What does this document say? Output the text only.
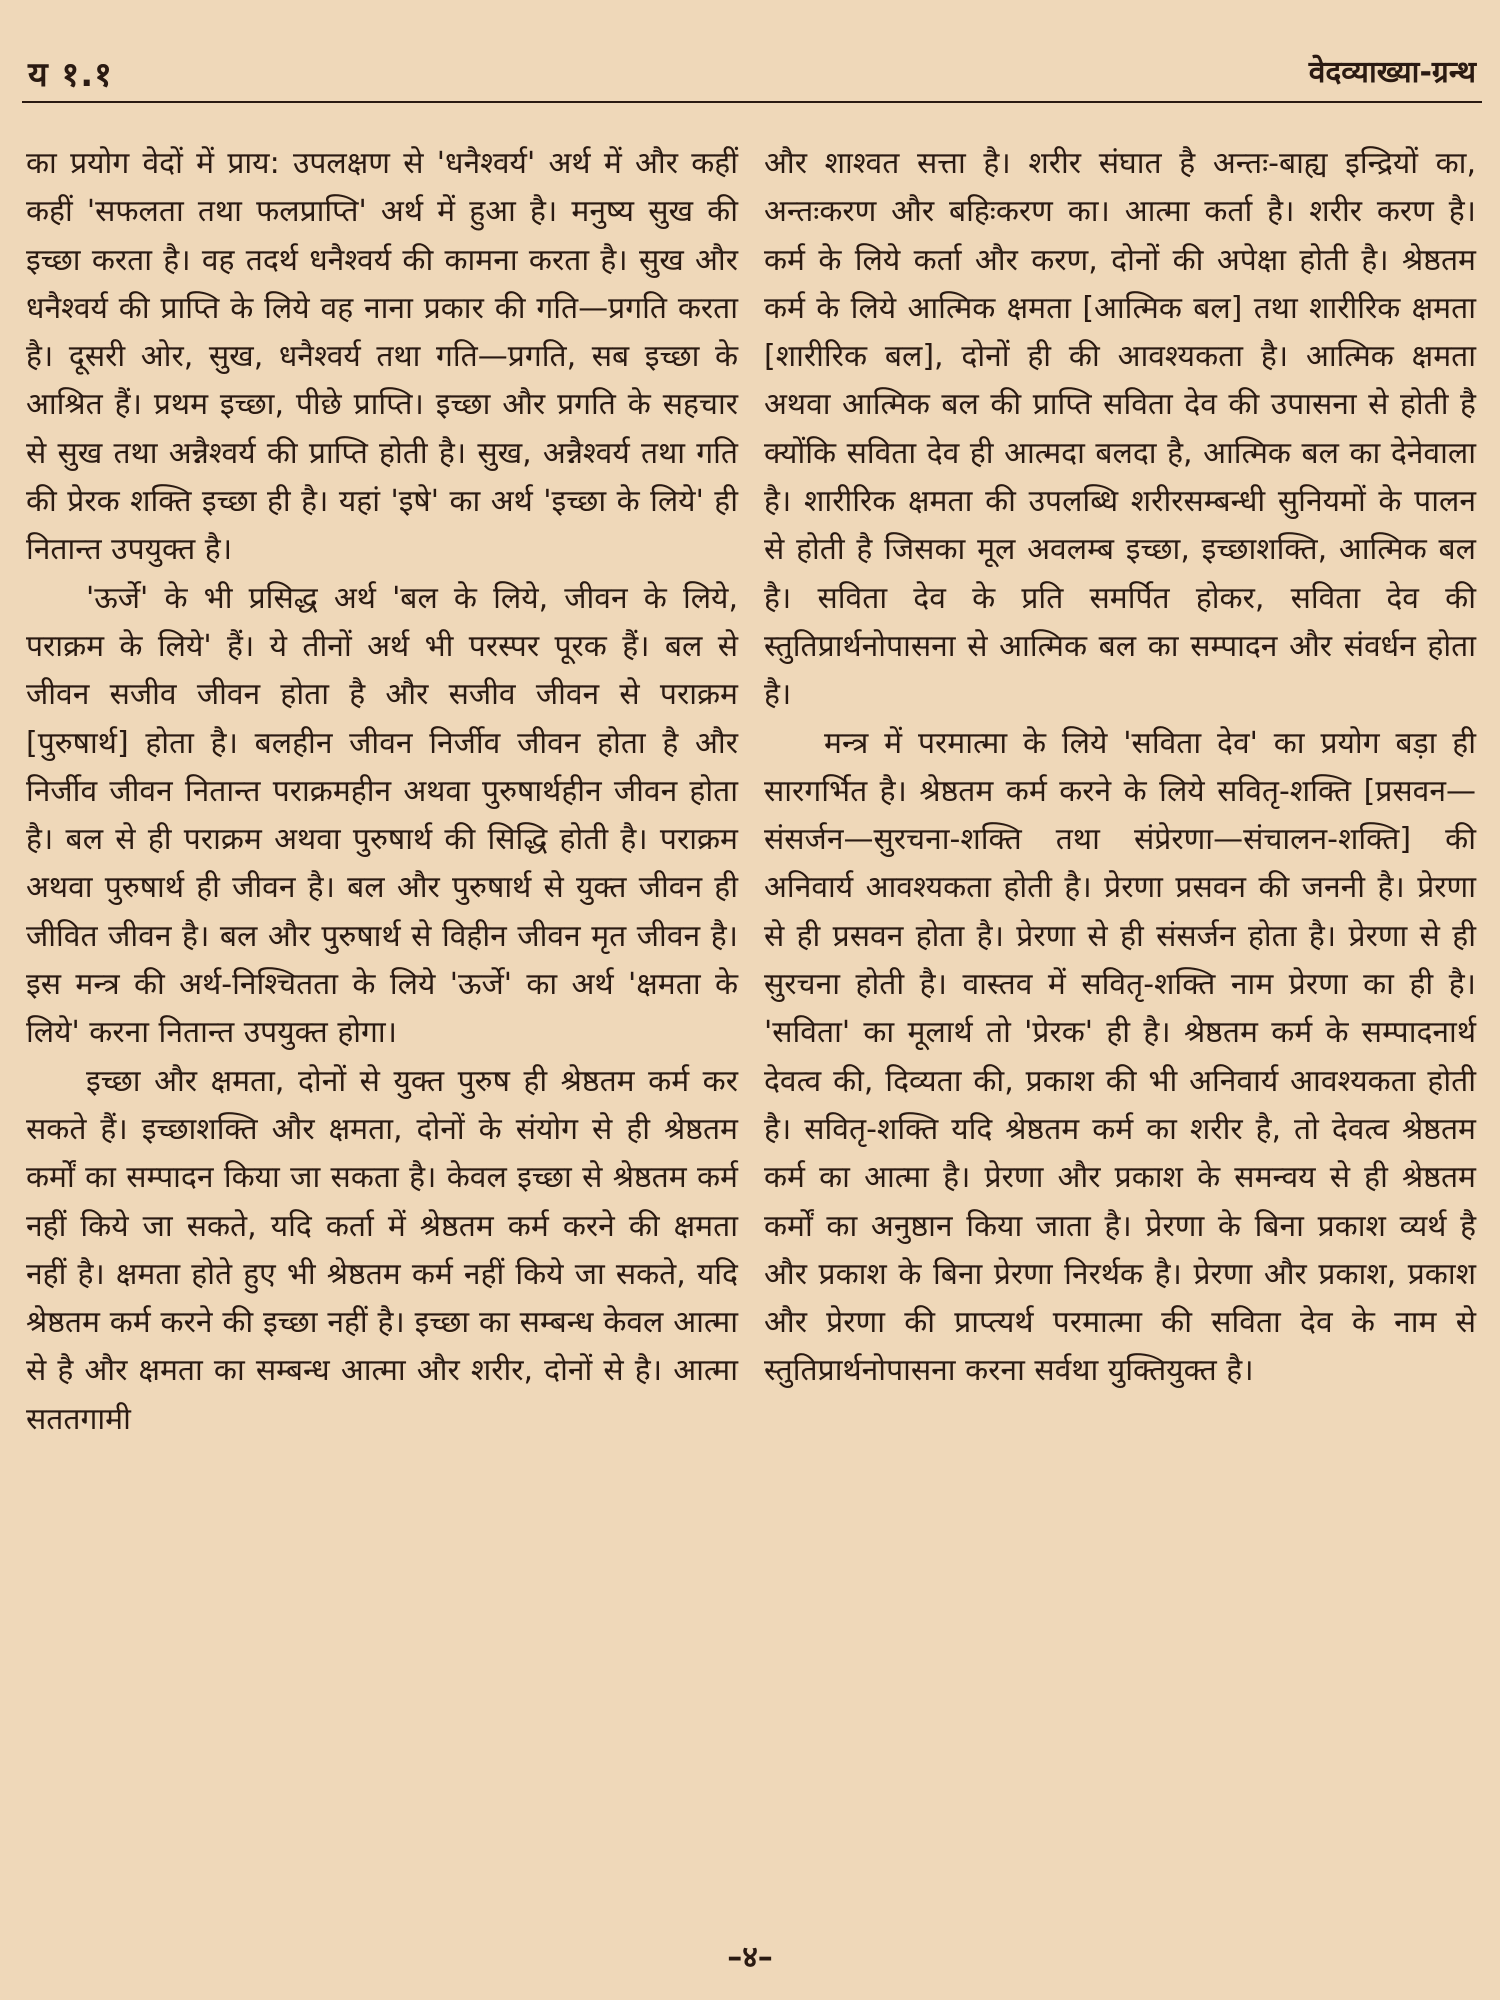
य १.१	वेदव्याख्या-ग्रन्थ

का प्रयोग वेदों में प्राय: उपलक्षण से 'धनैश्वर्य' अर्थ में और कहीं कहीं 'सफलता तथा फलप्राप्ति' अर्थ में हुआ है। मनुष्य सुख की इच्छा करता है। वह तदर्थ धनैश्वर्य की कामना करता है। सुख और धनैश्वर्य की प्राप्ति के लिये वह नाना प्रकार की गति—प्रगति करता है। दूसरी ओर, सुख, धनैश्वर्य तथा गति—प्रगति, सब इच्छा के आश्रित हैं। प्रथम इच्छा, पीछे प्राप्ति। इच्छा और प्रगति के सहचार से सुख तथा अन्नैश्वर्य की प्राप्ति होती है। सुख, अन्नैश्वर्य तथा गति की प्रेरक शक्ति इच्छा ही है। यहां 'इषे' का अर्थ 'इच्छा के लिये' ही नितान्त उपयुक्त है।

'ऊर्जे' के भी प्रसिद्ध अर्थ 'बल के लिये, जीवन के लिये, पराक्रम के लिये' हैं। ये तीनों अर्थ भी परस्पर पूरक हैं। बल से जीवन सजीव जीवन होता है और सजीव जीवन से पराक्रम [पुरुषार्थ] होता है। बलहीन जीवन निर्जीव जीवन होता है और निर्जीव जीवन नितान्त पराक्रमहीन अथवा पुरुषार्थहीन जीवन होता है। बल से ही पराक्रम अथवा पुरुषार्थ की सिद्धि होती है। पराक्रम अथवा पुरुषार्थ ही जीवन है। बल और पुरुषार्थ से युक्त जीवन ही जीवित जीवन है। बल और पुरुषार्थ से विहीन जीवन मृत जीवन है। इस मन्त्र की अर्थ-निश्चितता के लिये 'ऊर्जे' का अर्थ 'क्षमता के लिये' करना नितान्त उपयुक्त होगा।

इच्छा और क्षमता, दोनों से युक्त पुरुष ही श्रेष्ठतम कर्म कर सकते हैं। इच्छाशक्ति और क्षमता, दोनों के संयोग से ही श्रेष्ठतम कर्मों का सम्पादन किया जा सकता है। केवल इच्छा से श्रेष्ठतम कर्म नहीं किये जा सकते, यदि कर्ता में श्रेष्ठतम कर्म करने की क्षमता नहीं है। क्षमता होते हुए भी श्रेष्ठतम कर्म नहीं किये जा सकते, यदि श्रेष्ठतम कर्म करने की इच्छा नहीं है। इच्छा का सम्बन्ध केवल आत्मा से है और क्षमता का सम्बन्ध आत्मा और शरीर, दोनों से है। आत्मा सततगामी

और शाश्वत सत्ता है। शरीर संघात है अन्तः-बाह्य इन्द्रियों का, अन्तःकरण और बहिःकरण का। आत्मा कर्ता है। शरीर करण है। कर्म के लिये कर्ता और करण, दोनों की अपेक्षा होती है। श्रेष्ठतम कर्म के लिये आत्मिक क्षमता [आत्मिक बल] तथा शारीरिक क्षमता [शारीरिक बल], दोनों ही की आवश्यकता है। आत्मिक क्षमता अथवा आत्मिक बल की प्राप्ति सविता देव की उपासना से होती है क्योंकि सविता देव ही आत्मदा बलदा है, आत्मिक बल का देनेवाला है। शारीरिक क्षमता की उपलब्धि शरीरसम्बन्धी सुनियमों के पालन से होती है जिसका मूल अवलम्ब इच्छा, इच्छाशक्ति, आत्मिक बल है। सविता देव के प्रति समर्पित होकर, सविता देव की स्तुतिप्रार्थनोपासना से आत्मिक बल का सम्पादन और संवर्धन होता है।

मन्त्र में परमात्मा के लिये 'सविता देव' का प्रयोग बड़ा ही सारगर्भित है। श्रेष्ठतम कर्म करने के लिये सवितृ-शक्ति [प्रसवन—संसर्जन—सुरचना-शक्ति तथा संप्रेरणा—संचालन-शक्ति] की अनिवार्य आवश्यकता होती है। प्रेरणा प्रसवन की जननी है। प्रेरणा से ही प्रसवन होता है। प्रेरणा से ही संसर्जन होता है। प्रेरणा से ही सुरचना होती है। वास्तव में सवितृ-शक्ति नाम प्रेरणा का ही है। 'सविता' का मूलार्थ तो 'प्रेरक' ही है। श्रेष्ठतम कर्म के सम्पादनार्थ देवत्व की, दिव्यता की, प्रकाश की भी अनिवार्य आवश्यकता होती है। सवितृ-शक्ति यदि श्रेष्ठतम कर्म का शरीर है, तो देवत्व श्रेष्ठतम कर्म का आत्मा है। प्रेरणा और प्रकाश के समन्वय से ही श्रेष्ठतम कर्मों का अनुष्ठान किया जाता है। प्रेरणा के बिना प्रकाश व्यर्थ है और प्रकाश के बिना प्रेरणा निरर्थक है। प्रेरणा और प्रकाश, प्रकाश और प्रेरणा की प्राप्त्यर्थ परमात्मा की सविता देव के नाम से स्तुतिप्रार्थनोपासना करना सर्वथा युक्तियुक्त है।

–४–
